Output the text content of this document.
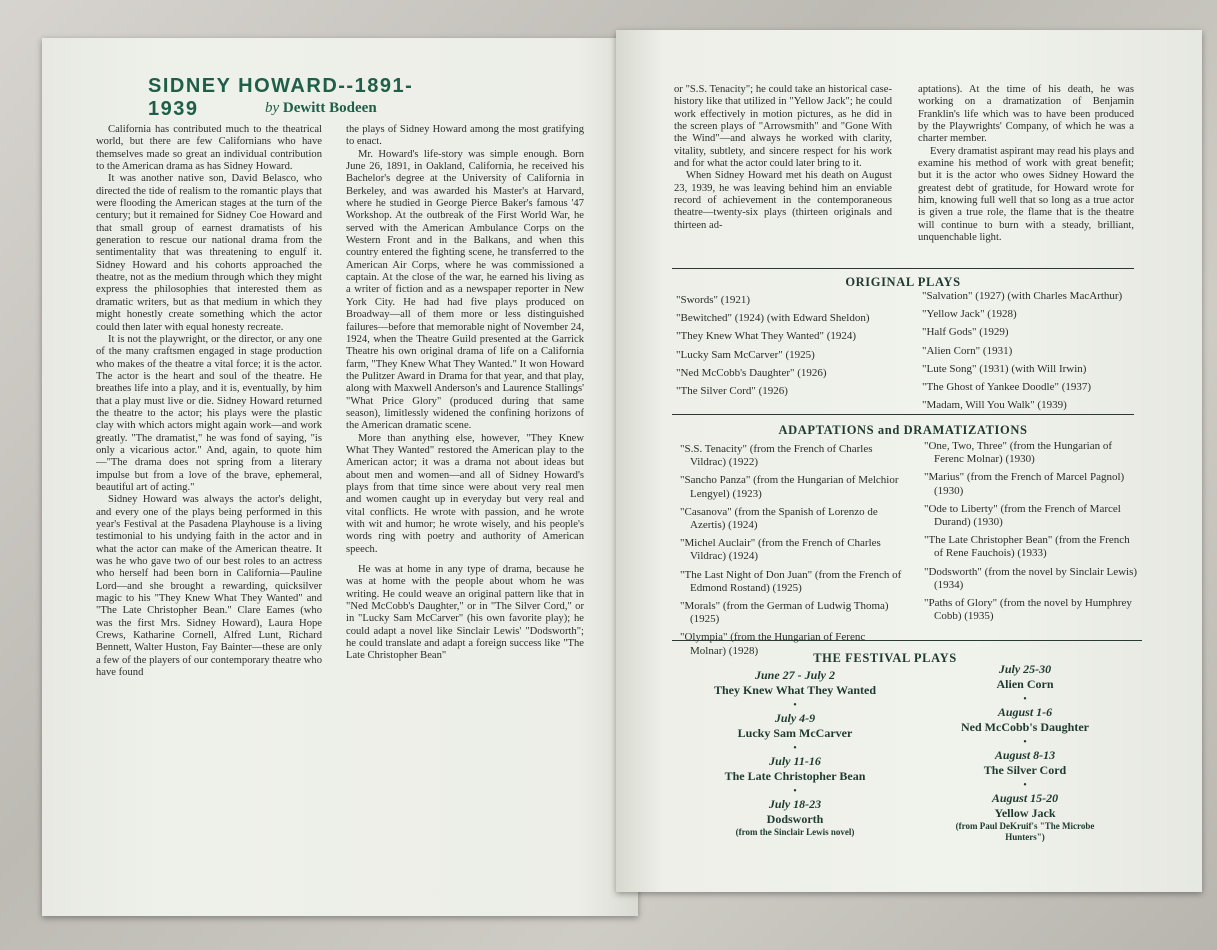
SIDNEY HOWARD--1891-1939	by Dewitt Bodeen

California has contributed much to the theatrical world, but there are few Californians who have themselves made so great an individual contribution to the American drama as has Sidney Howard.

It was another native son, David Belasco, who directed the tide of realism to the romantic plays that were flooding the American stages at the turn of the century; but it remained for Sidney Coe Howard and that small group of earnest dramatists of his generation to rescue our national drama from the sentimentality that was threatening to engulf it. Sidney Howard and his cohorts approached the theatre, not as the medium through which they might express the philosophies that interested them as dramatic writers, but as that medium in which they might honestly create something which the actor could then later with equal honesty recreate.

It is not the playwright, or the director, or any one of the many craftsmen engaged in stage production who makes of the theatre a vital force; it is the actor. The actor is the heart and soul of the theatre. He breathes life into a play, and it is, eventually, by him that a play must live or die. Sidney Howard returned the theatre to the actor; his plays were the plastic clay with which actors might again work—and work greatly. "The dramatist," he was fond of saying, "is only a vicarious actor." And, again, to quote him—"The drama does not spring from a literary impulse but from a love of the brave, ephemeral, beautiful art of acting."

Sidney Howard was always the actor's delight, and every one of the plays being performed in this year's Festival at the Pasadena Playhouse is a living testimonial to his undying faith in the actor and in what the actor can make of the American theatre. It was he who gave two of our best roles to an actress who herself had been born in California—Pauline Lord—and she brought a rewarding, quicksilver magic to his "They Knew What They Wanted" and "The Late Christopher Bean." Clare Eames (who was the first Mrs. Sidney Howard), Laura Hope Crews, Katharine Cornell, Alfred Lunt, Richard Bennett, Walter Huston, Fay Bainter—these are only a few of the players of our contemporary theatre who have found

the plays of Sidney Howard among the most gratifying to enact.

Mr. Howard's life-story was simple enough. Born June 26, 1891, in Oakland, California, he received his Bachelor's degree at the University of California in Berkeley, and was awarded his Master's at Harvard, where he studied in George Pierce Baker's famous '47 Workshop. At the outbreak of the First World War, he served with the American Ambulance Corps on the Western Front and in the Balkans, and when this country entered the fighting scene, he transferred to the American Air Corps, where he was commissioned a captain. At the close of the war, he earned his living as a writer of fiction and as a newspaper reporter in New York City. He had had five plays produced on Broadway—all of them more or less distinguished failures—before that memorable night of November 24, 1924, when the Theatre Guild presented at the Garrick Theatre his own original drama of life on a California farm, "They Knew What They Wanted." It won Howard the Pulitzer Award in Drama for that year, and that play, along with Maxwell Anderson's and Laurence Stallings' "What Price Glory" (produced during that same season), limitlessly widened the confining horizons of the American dramatic scene.

More than anything else, however, "They Knew What They Wanted" restored the American play to the American actor; it was a drama not about ideas but about men and women—and all of Sidney Howard's plays from that time since were about very real men and women caught up in everyday but very real and vital conflicts. He wrote with passion, and he wrote with wit and humor; he wrote wisely, and his people's words ring with poetry and authority of American speech.

He was at home in any type of drama, because he was at home with the people about whom he was writing. He could weave an original pattern like that in "Ned McCobb's Daughter," or in "The Silver Cord," or in "Lucky Sam McCarver" (his own favorite play); he could adapt a novel like Sinclair Lewis' "Dodsworth"; he could translate and adapt a foreign success like "The Late Christopher Bean"

or "S.S. Tenacity"; he could take an historical case-history like that utilized in "Yellow Jack"; he could work effectively in motion pictures, as he did in the screen plays of "Arrowsmith" and "Gone With the Wind"—and always he worked with clarity, vitality, subtlety, and sincere respect for his work and for what the actor could later bring to it.

When Sidney Howard met his death on August 23, 1939, he was leaving behind him an enviable record of achievement in the contemporaneous theatre—twenty-six plays (thirteen originals and thirteen ad-

aptations). At the time of his death, he was working on a dramatization of Benjamin Franklin's life which was to have been produced by the Playwrights' Company, of which he was a charter member.

Every dramatist aspirant may read his plays and examine his method of work with great benefit; but it is the actor who owes Sidney Howard the greatest debt of gratitude, for Howard wrote for him, knowing full well that so long as a true actor is given a true role, the flame that is the theatre will continue to burn with a steady, brilliant, unquenchable light.

ORIGINAL PLAYS
"Swords" (1921)
"Bewitched" (1924) (with Edward Sheldon)
"They Knew What They Wanted" (1924)
"Lucky Sam McCarver" (1925)
"Ned McCobb's Daughter" (1926)
"The Silver Cord" (1926)
"Salvation" (1927) (with Charles MacArthur)
"Yellow Jack" (1928)
"Half Gods" (1929)
"Alien Corn" (1931)
"Lute Song" (1931) (with Will Irwin)
"The Ghost of Yankee Doodle" (1937)
"Madam, Will You Walk" (1939)
ADAPTATIONS and DRAMATIZATIONS
"S.S. Tenacity" (from the French of Charles Vildrac) (1922)
"Sancho Panza" (from the Hungarian of Melchior Lengyel) (1923)
"Casanova" (from the Spanish of Lorenzo de Azertis) (1924)
"Michel Auclair" (from the French of Charles Vildrac) (1924)
"The Last Night of Don Juan" (from the French of Edmond Rostand) (1925)
"Morals" (from the German of Ludwig Thoma) (1925)
"Olympia" (from the Hungarian of Ferenc Molnar) (1928)
"One, Two, Three" (from the Hungarian of Ferenc Molnar) (1930)
"Marius" (from the French of Marcel Pagnol) (1930)
"Ode to Liberty" (from the French of Marcel Durand) (1930)
"The Late Christopher Bean" (from the French of Rene Fauchois) (1933)
"Dodsworth" (from the novel by Sinclair Lewis) (1934)
"Paths of Glory" (from the novel by Humphrey Cobb) (1935)
THE FESTIVAL PLAYS
June 27 - July 2
They Knew What They Wanted
•
July 4-9
Lucky Sam McCarver
•
July 11-16
The Late Christopher Bean
•
July 18-23
Dodsworth
(from the Sinclair Lewis novel)
July 25-30
Alien Corn
•
August 1-6
Ned McCobb's Daughter
•
August 8-13
The Silver Cord
•
August 15-20
Yellow Jack
(from Paul DeKruif's "The Microbe Hunters")
